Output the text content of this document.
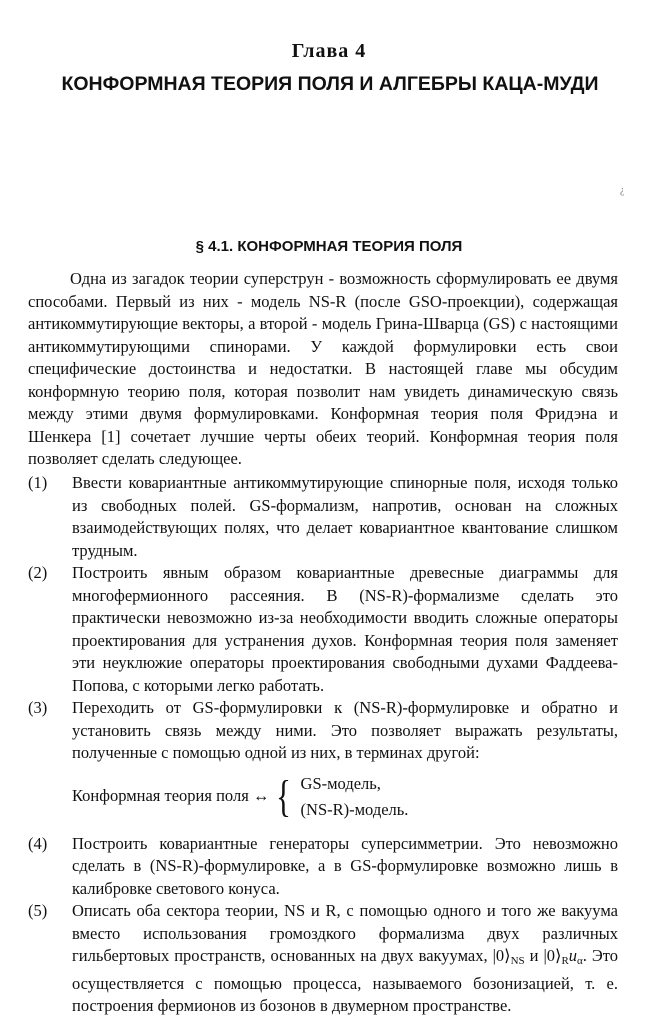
Глава 4
КОНФОРМНАЯ ТЕОРИЯ ПОЛЯ И АЛГЕБРЫ КАЦА-МУДИ
¿
§ 4.1. КОНФОРМНАЯ ТЕОРИЯ ПОЛЯ
Одна из загадок теории суперструн - возможность сформулировать ее двумя способами. Первый из них - модель NS-R (после GSO-проекции), содержащая антикоммутирующие векторы, а второй - модель Грина-Шварца (GS) с настоящими антикоммутирующими спинорами. У каждой формулировки есть свои специфические достоинства и недостатки. В настоящей главе мы обсудим конформную теорию поля, которая позволит нам увидеть динамическую связь между этими двумя формулировками. Конформная теория поля Фридэна и Шенкера [1] сочетает лучшие черты обеих теорий. Конформная теория поля позволяет сделать следующее.
(1) Ввести ковариантные антикоммутирующие спинорные поля, исходя только из свободных полей. GS-формализм, напротив, основан на сложных взаимодействующих полях, что делает ковариантное квантование слишком трудным.
(2) Построить явным образом ковариантные древесные диаграммы для многофермионного рассеяния. В (NS-R)-формализме сделать это практически невозможно из-за необходимости вводить сложные операторы проектирования для устранения духов. Конформная теория поля заменяет эти неуклюжие операторы проектирования свободными духами Фаддеева-Попова, с которыми легко работать.
(3) Переходить от GS-формулировки к (NS-R)-формулировке и обратно и установить связь между ними. Это позволяет выражать результаты, полученные с помощью одной из них, в терминах другой:
Конформная теория поля ↔ { GS-модель,
(NS-R)-модель.
(4) Построить ковариантные генераторы суперсимметрии. Это невозможно сделать в (NS-R)-формулировке, а в GS-формулировке возможно лишь в калибровке светового конуса.
(5) Описать оба сектора теории, NS и R, с помощью одного и того же вакуума вместо использования громоздкого формализма двух различных гильбертовых пространств, основанных на двух вакуумах, $|0⟩_{NS}$ и $|0⟩_Ru_\alpha$. Это осуществляется с помощью процесса, называемого бозонизацией, т. е. построения фермионов из бозонов в двумерном пространстве.
